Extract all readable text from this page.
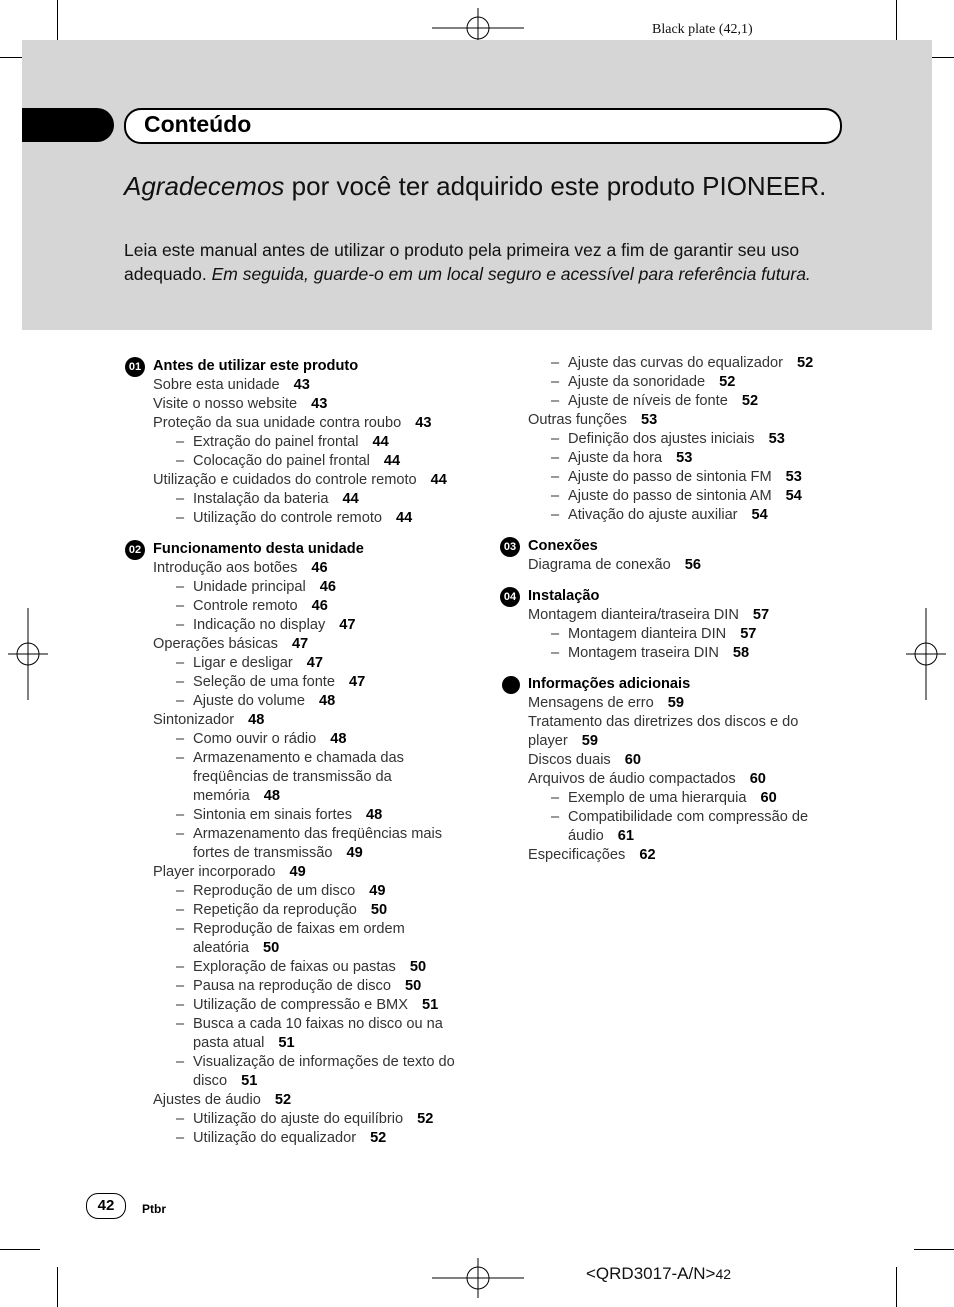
Black plate (42,1)
Conteúdo
Agradecemos por você ter adquirido este produto PIONEER.
Leia este manual antes de utilizar o produto pela primeira vez a fim de garantir seu uso adequado. Em seguida, guarde-o em um local seguro e acessível para referência futura.
01 Antes de utilizar este produto
Sobre esta unidade 43
Visite o nosso website 43
Proteção da sua unidade contra roubo 43
– Extração do painel frontal 44
– Colocação do painel frontal 44
Utilização e cuidados do controle remoto 44
– Instalação da bateria 44
– Utilização do controle remoto 44
02 Funcionamento desta unidade
Introdução aos botões 46
– Unidade principal 46
– Controle remoto 46
– Indicação no display 47
Operações básicas 47
– Ligar e desligar 47
– Seleção de uma fonte 47
– Ajuste do volume 48
Sintonizador 48
– Como ouvir o rádio 48
– Armazenamento e chamada das freqüências de transmissão da memória 48
– Sintonia em sinais fortes 48
– Armazenamento das freqüências mais fortes de transmissão 49
Player incorporado 49
– Reprodução de um disco 49
– Repetição da reprodução 50
– Reprodução de faixas em ordem aleatória 50
– Exploração de faixas ou pastas 50
– Pausa na reprodução de disco 50
– Utilização de compressão e BMX 51
– Busca a cada 10 faixas no disco ou na pasta atual 51
– Visualização de informações de texto do disco 51
Ajustes de áudio 52
– Utilização do ajuste do equilíbrio 52
– Utilização do equalizador 52
– Ajuste das curvas do equalizador 52
– Ajuste da sonoridade 52
– Ajuste de níveis de fonte 52
Outras funções 53
– Definição dos ajustes iniciais 53
– Ajuste da hora 53
– Ajuste do passo de sintonia FM 53
– Ajuste do passo de sintonia AM 54
– Ativação do ajuste auxiliar 54
03 Conexões
Diagrama de conexão 56
04 Instalação
Montagem dianteira/traseira DIN 57
– Montagem dianteira DIN 57
– Montagem traseira DIN 58
Informações adicionais
Mensagens de erro 59
Tratamento das diretrizes dos discos e do player 59
Discos duais 60
Arquivos de áudio compactados 60
– Exemplo de uma hierarquia 60
– Compatibilidade com compressão de áudio 61
Especificações 62
42	Ptbr
<QRD3017-A/N>42
